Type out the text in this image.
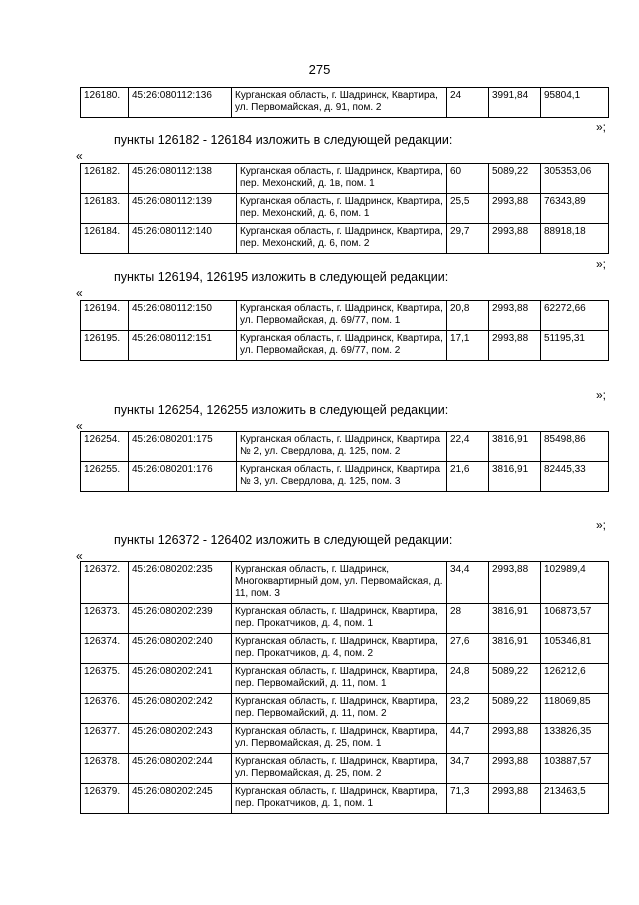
275
126180.	45:26:080112:136	Курганская область, г. Шадринск, Квартира, ул. Первомайская, д. 91, пом. 2	24	3991,84	95804,1
»;
пункты 126182 - 126184 изложить в следующей редакции:
«
126182.	45:26:080112:138	Курганская область, г. Шадринск, Квартира, пер. Мехонский, д. 1в, пом. 1	60	5089,22	305353,06
126183.	45:26:080112:139	Курганская область, г. Шадринск, Квартира, пер. Мехонский, д. 6, пом. 1	25,5	2993,88	76343,89
126184.	45:26:080112:140	Курганская область, г. Шадринск, Квартира, пер. Мехонский, д. 6, пом. 2	29,7	2993,88	88918,18
»;
пункты 126194, 126195 изложить в следующей редакции:
«
126194.	45:26:080112:150	Курганская область, г. Шадринск, Квартира, ул. Первомайская, д. 69/77, пом. 1	20,8	2993,88	62272,66
126195.	45:26:080112:151	Курганская область, г. Шадринск, Квартира, ул. Первомайская, д. 69/77, пом. 2	17,1	2993,88	51195,31
»;
пункты 126254, 126255 изложить в следующей редакции:
«
126254.	45:26:080201:175	Курганская область, г. Шадринск, Квартира № 2, ул. Свердлова, д. 125, пом. 2	22,4	3816,91	85498,86
126255.	45:26:080201:176	Курганская область, г. Шадринск, Квартира № 3, ул. Свердлова, д. 125, пом. 3	21,6	3816,91	82445,33
»;
пункты 126372 - 126402 изложить в следующей редакции:
«
126372.	45:26:080202:235	Курганская область, г. Шадринск, Многоквартирный дом, ул. Первомайская, д. 11, пом. 3	34,4	2993,88	102989,4
126373.	45:26:080202:239	Курганская область, г. Шадринск, Квартира, пер. Прокатчиков, д. 4, пом. 1	28	3816,91	106873,57
126374.	45:26:080202:240	Курганская область, г. Шадринск, Квартира, пер. Прокатчиков, д. 4, пом. 2	27,6	3816,91	105346,81
126375.	45:26:080202:241	Курганская область, г. Шадринск, Квартира, пер. Первомайский, д. 11, пом. 1	24,8	5089,22	126212,6
126376.	45:26:080202:242	Курганская область, г. Шадринск, Квартира, пер. Первомайский, д. 11, пом. 2	23,2	5089,22	118069,85
126377.	45:26:080202:243	Курганская область, г. Шадринск, Квартира, ул. Первомайская, д. 25, пом. 1	44,7	2993,88	133826,35
126378.	45:26:080202:244	Курганская область, г. Шадринск, Квартира, ул. Первомайская, д. 25, пом. 2	34,7	2993,88	103887,57
126379.	45:26:080202:245	Курганская область, г. Шадринск, Квартира, пер. Прокатчиков, д. 1, пом. 1	71,3	2993,88	213463,5
